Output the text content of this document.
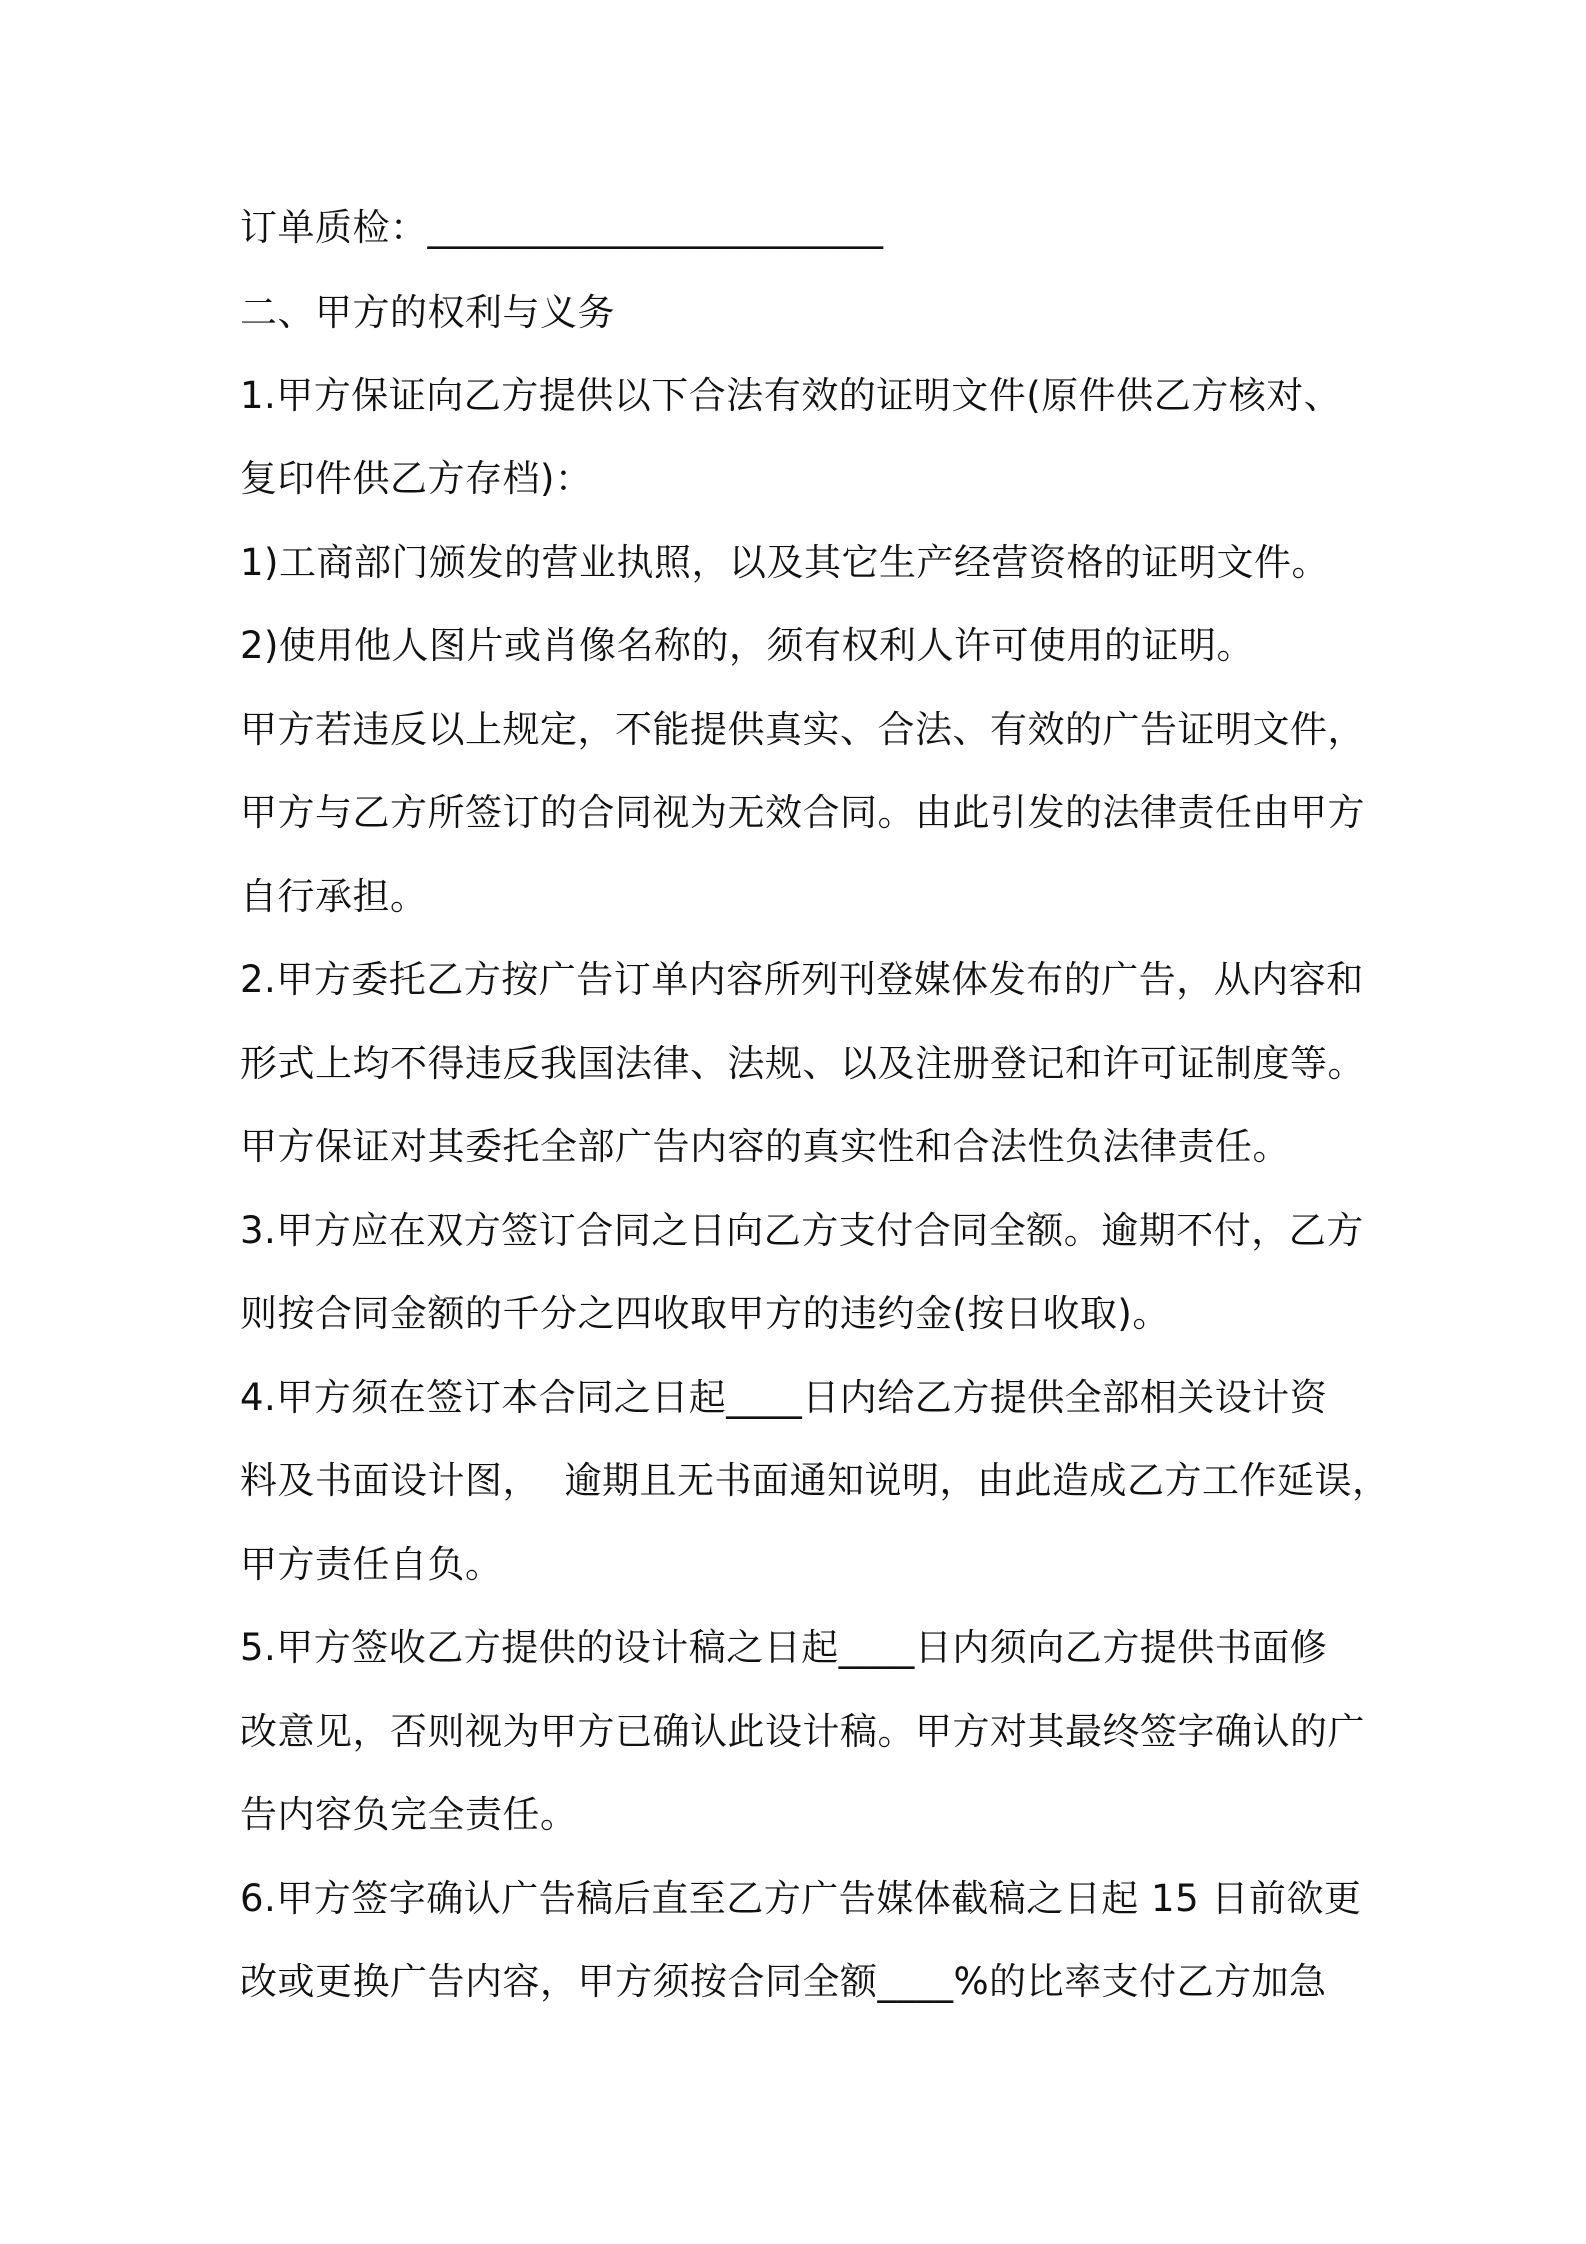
订单质检：________________________
二、甲方的权利与义务
1.甲方保证向乙方提供以下合法有效的证明文件(原件供乙方核对、
复印件供乙方存档)：
1)工商部门颁发的营业执照，以及其它生产经营资格的证明文件。
2)使用他人图片或肖像名称的，须有权利人许可使用的证明。
甲方若违反以上规定，不能提供真实、合法、有效的广告证明文件，
甲方与乙方所签订的合同视为无效合同。由此引发的法律责任由甲方
自行承担。
2.甲方委托乙方按广告订单内容所列刊登媒体发布的广告，从内容和
形式上均不得违反我国法律、法规、以及注册登记和许可证制度等。
甲方保证对其委托全部广告内容的真实性和合法性负法律责任。
3.甲方应在双方签订合同之日向乙方支付合同全额。逾期不付，乙方
则按合同金额的千分之四收取甲方的违约金(按日收取)。
4.甲方须在签订本合同之日起____日内给乙方提供全部相关设计资
料及书面设计图，  逾期且无书面通知说明，由此造成乙方工作延误，
甲方责任自负。
5.甲方签收乙方提供的设计稿之日起____日内须向乙方提供书面修
改意见，否则视为甲方已确认此设计稿。甲方对其最终签字确认的广
告内容负完全责任。
6.甲方签字确认广告稿后直至乙方广告媒体截稿之日起 15 日前欲更
改或更换广告内容，甲方须按合同全额____%的比率支付乙方加急
